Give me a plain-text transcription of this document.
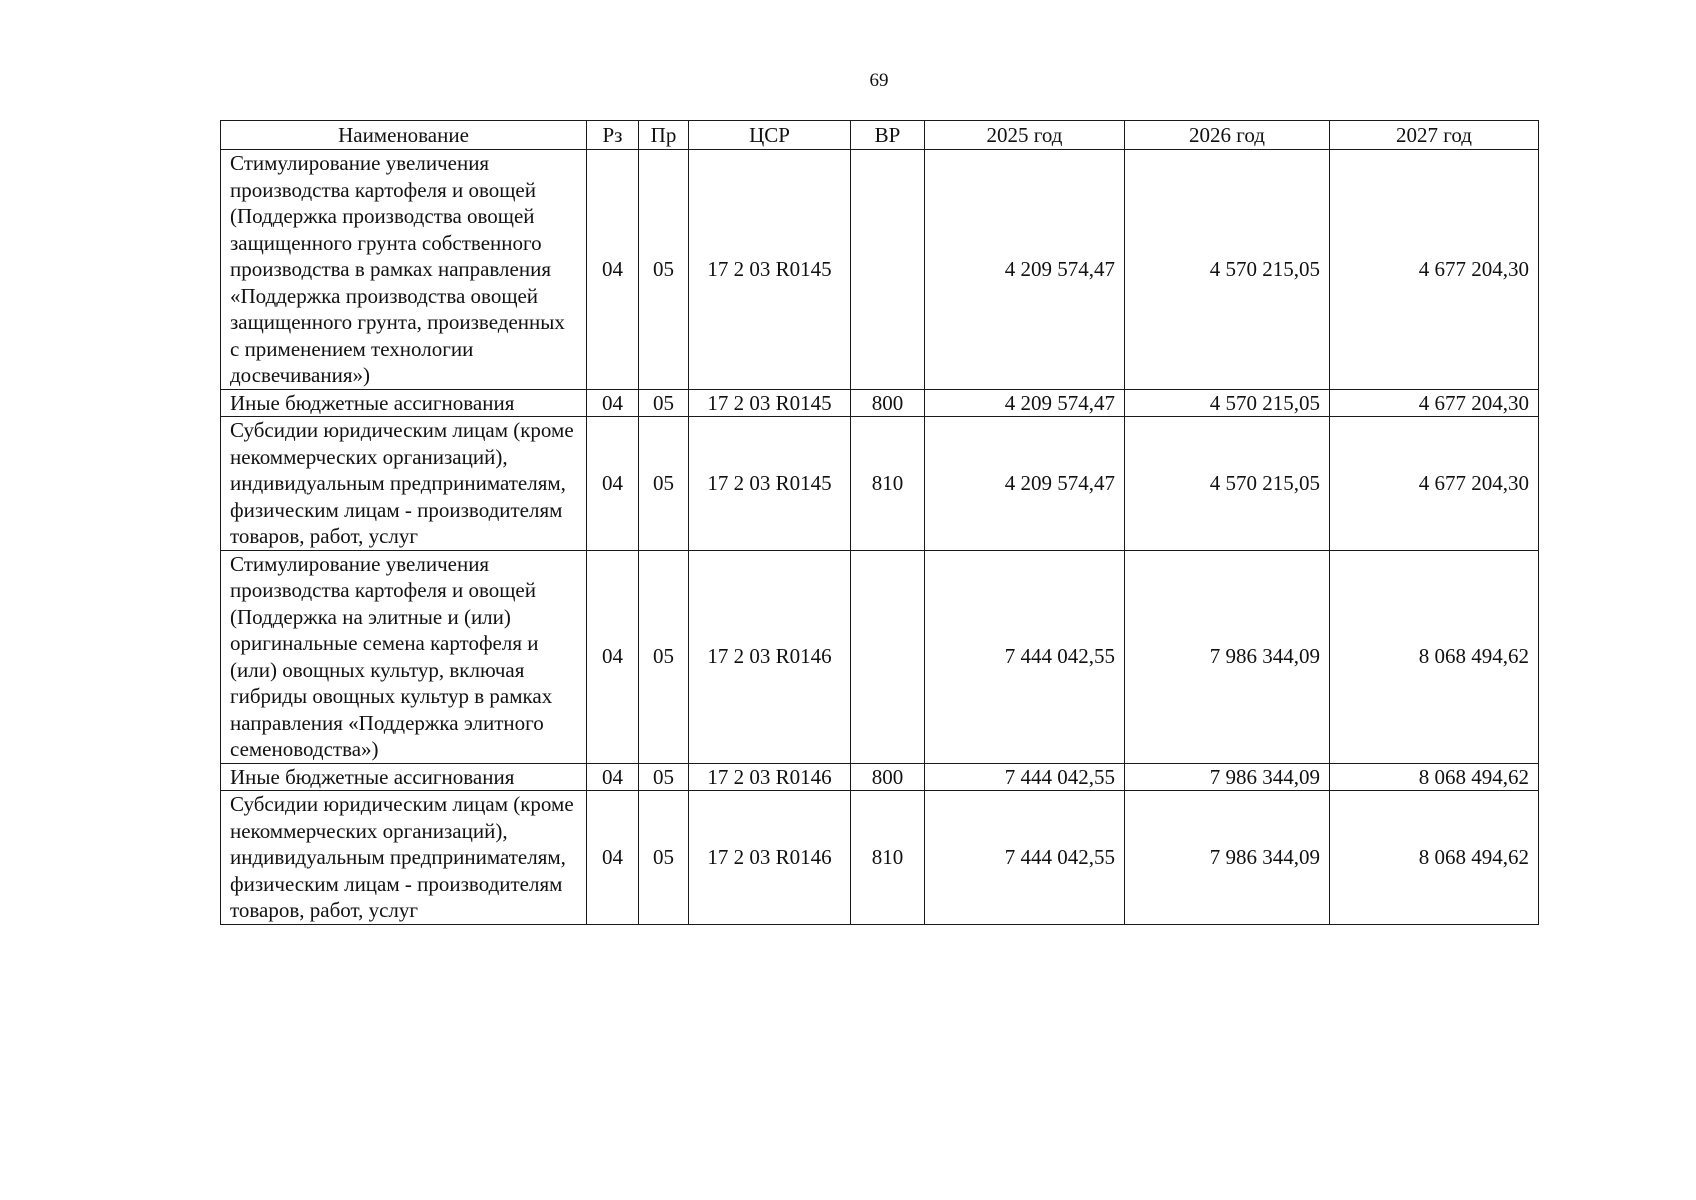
69
Наименование	Рз	Пр	ЦСР	ВР	2025 год	2026 год	2027 год
Стимулирование увеличения производства картофеля и овощей (Поддержка производства овощей защищенного грунта собственного производства в рамках направления «Поддержка производства овощей защищенного грунта, произведенных с применением технологии досвечивания»)	04	05	17 2 03 R0145		4 209 574,47	4 570 215,05	4 677 204,30
Иные бюджетные ассигнования	04	05	17 2 03 R0145	800	4 209 574,47	4 570 215,05	4 677 204,30
Субсидии юридическим лицам (кроме некоммерческих организаций), индивидуальным предпринимателям, физическим лицам - производителям товаров, работ, услуг	04	05	17 2 03 R0145	810	4 209 574,47	4 570 215,05	4 677 204,30
Стимулирование увеличения производства картофеля и овощей (Поддержка на элитные и (или) оригинальные семена картофеля и (или) овощных культур, включая гибриды овощных культур в рамках направления «Поддержка элитного семеноводства»)	04	05	17 2 03 R0146		7 444 042,55	7 986 344,09	8 068 494,62
Иные бюджетные ассигнования	04	05	17 2 03 R0146	800	7 444 042,55	7 986 344,09	8 068 494,62
Субсидии юридическим лицам (кроме некоммерческих организаций), индивидуальным предпринимателям, физическим лицам - производителям товаров, работ, услуг	04	05	17 2 03 R0146	810	7 444 042,55	7 986 344,09	8 068 494,62
